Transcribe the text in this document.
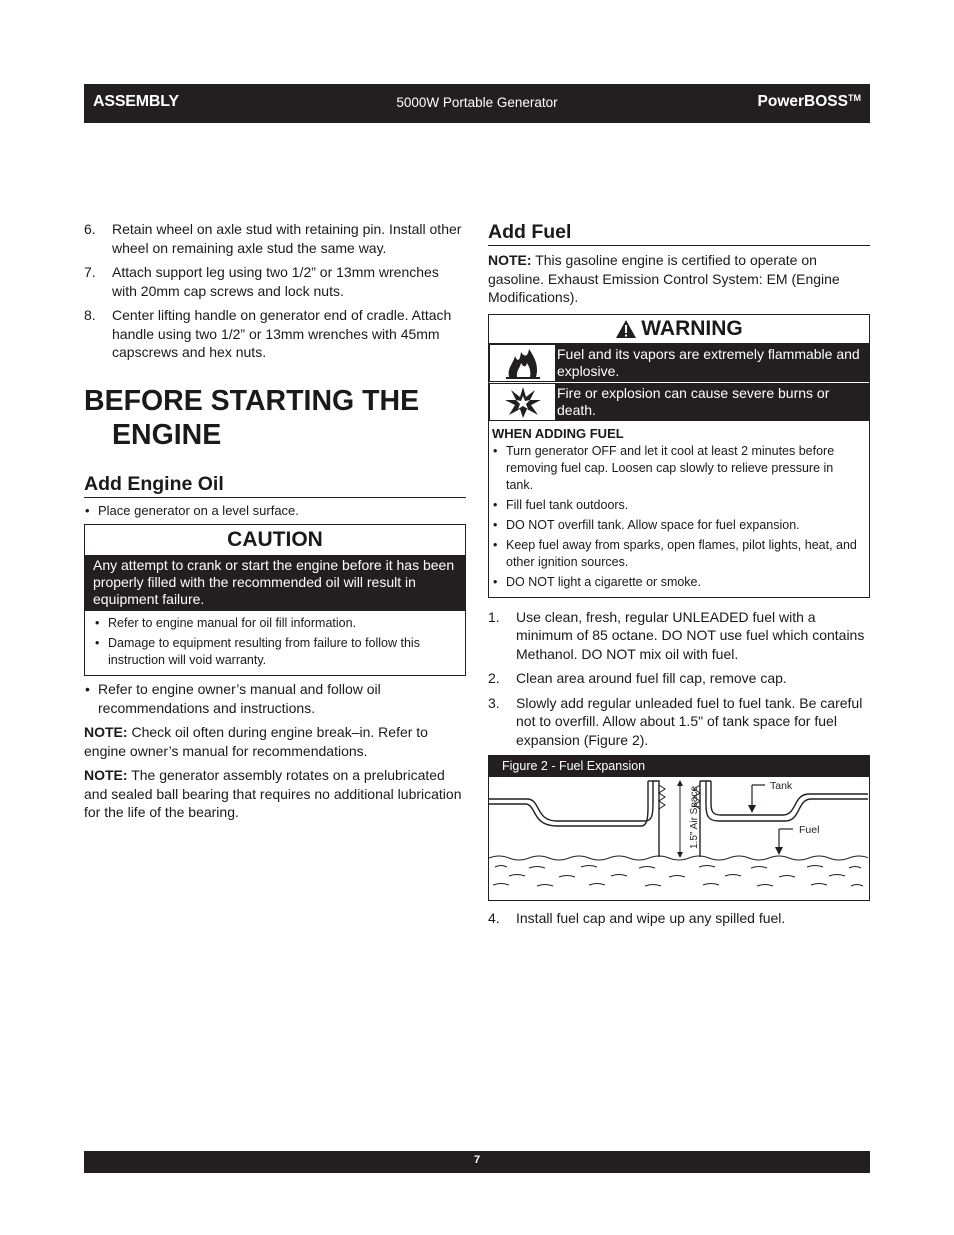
ASSEMBLY	5000W Portable Generator	PowerBOSS™
6. Retain wheel on axle stud with retaining pin. Install other wheel on remaining axle stud the same way.
7. Attach support leg using two 1/2” or 13mm wrenches with 20mm cap screws and lock nuts.
8. Center lifting handle on generator end of cradle. Attach handle using two 1/2” or 13mm wrenches with 45mm capscrews and hex nuts.
BEFORE STARTING THE
ENGINE
Add Engine Oil
• Place generator on a level surface.
CAUTION
Any attempt to crank or start the engine before it has been properly filled with the recommended oil will result in equipment failure.
• Refer to engine manual for oil fill information.
• Damage to equipment resulting from failure to follow this instruction will void warranty.
• Refer to engine owner’s manual and follow oil recommendations and instructions.

NOTE: Check oil often during engine break–in. Refer to engine owner’s manual for recommendations.

NOTE: The generator assembly rotates on a prelubricated and sealed ball bearing that requires no additional lubrication for the life of the bearing.

Add Fuel

NOTE: This gasoline engine is certified to operate on gasoline. Exhaust Emission Control System: EM (Engine Modifications).

WARNING
Fuel and its vapors are extremely flammable and explosive.
Fire or explosion can cause severe burns or death.
WHEN ADDING FUEL
• Turn generator OFF and let it cool at least 2 minutes before removing fuel cap. Loosen cap slowly to relieve pressure in tank.
• Fill fuel tank outdoors.
• DO NOT overfill tank. Allow space for fuel expansion.
• Keep fuel away from sparks, open flames, pilot lights, heat, and other ignition sources.
• DO NOT light a cigarette or smoke.
1. Use clean, fresh, regular UNLEADED fuel with a minimum of 85 octane. DO NOT use fuel which contains Methanol. DO NOT mix oil with fuel.
2. Clean area around fuel fill cap, remove cap.
3. Slowly add regular unleaded fuel to fuel tank. Be careful not to overfill. Allow about 1.5" of tank space for fuel expansion (Figure 2).
Figure 2 - Fuel Expansion
1.5" Air Space	Tank
Fuel
4. Install fuel cap and wipe up any spilled fuel.
7
